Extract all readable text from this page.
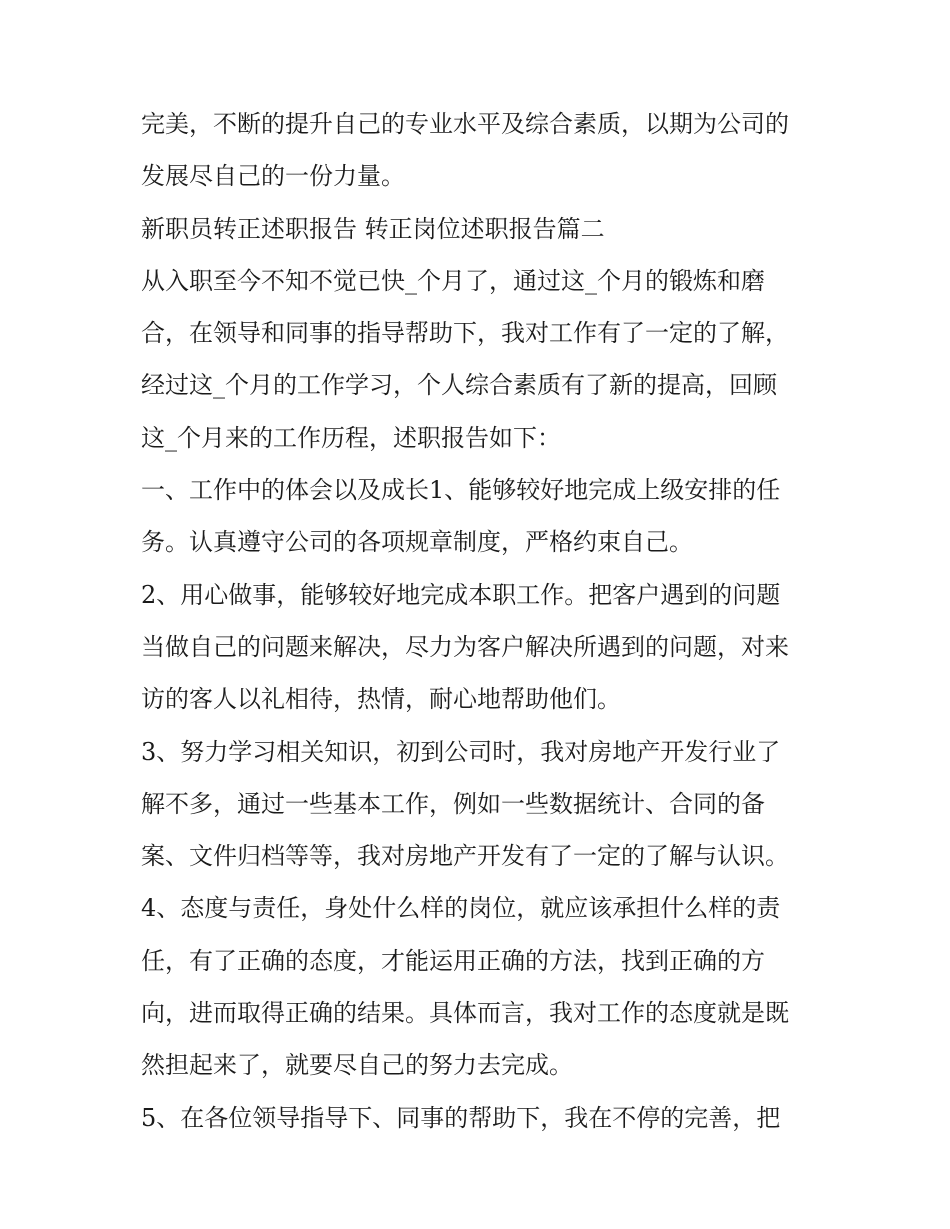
完美，不断的提升自己的专业水平及综合素质，以期为公司的

发展尽自己的一份力量。

新职员转正述职报告 转正岗位述职报告篇二

从入职至今不知不觉已快_个月了，通过这_个月的锻炼和磨

合，在领导和同事的指导帮助下，我对工作有了一定的了解，

经过这_个月的工作学习，个人综合素质有了新的提高，回顾

这_个月来的工作历程，述职报告如下：

一、工作中的体会以及成长1、能够较好地完成上级安排的任

务。认真遵守公司的各项规章制度，严格约束自己。

2、用心做事，能够较好地完成本职工作。把客户遇到的问题

当做自己的问题来解决，尽力为客户解决所遇到的问题，对来

访的客人以礼相待，热情，耐心地帮助他们。

3、努力学习相关知识，初到公司时，我对房地产开发行业了

解不多，通过一些基本工作，例如一些数据统计、合同的备

案、文件归档等等，我对房地产开发有了一定的了解与认识。

4、态度与责任，身处什么样的岗位，就应该承担什么样的责

任，有了正确的态度，才能运用正确的方法，找到正确的方

向，进而取得正确的结果。具体而言，我对工作的态度就是既

然担起来了，就要尽自己的努力去完成。

5、在各位领导指导下、同事的帮助下，我在不停的完善，把
